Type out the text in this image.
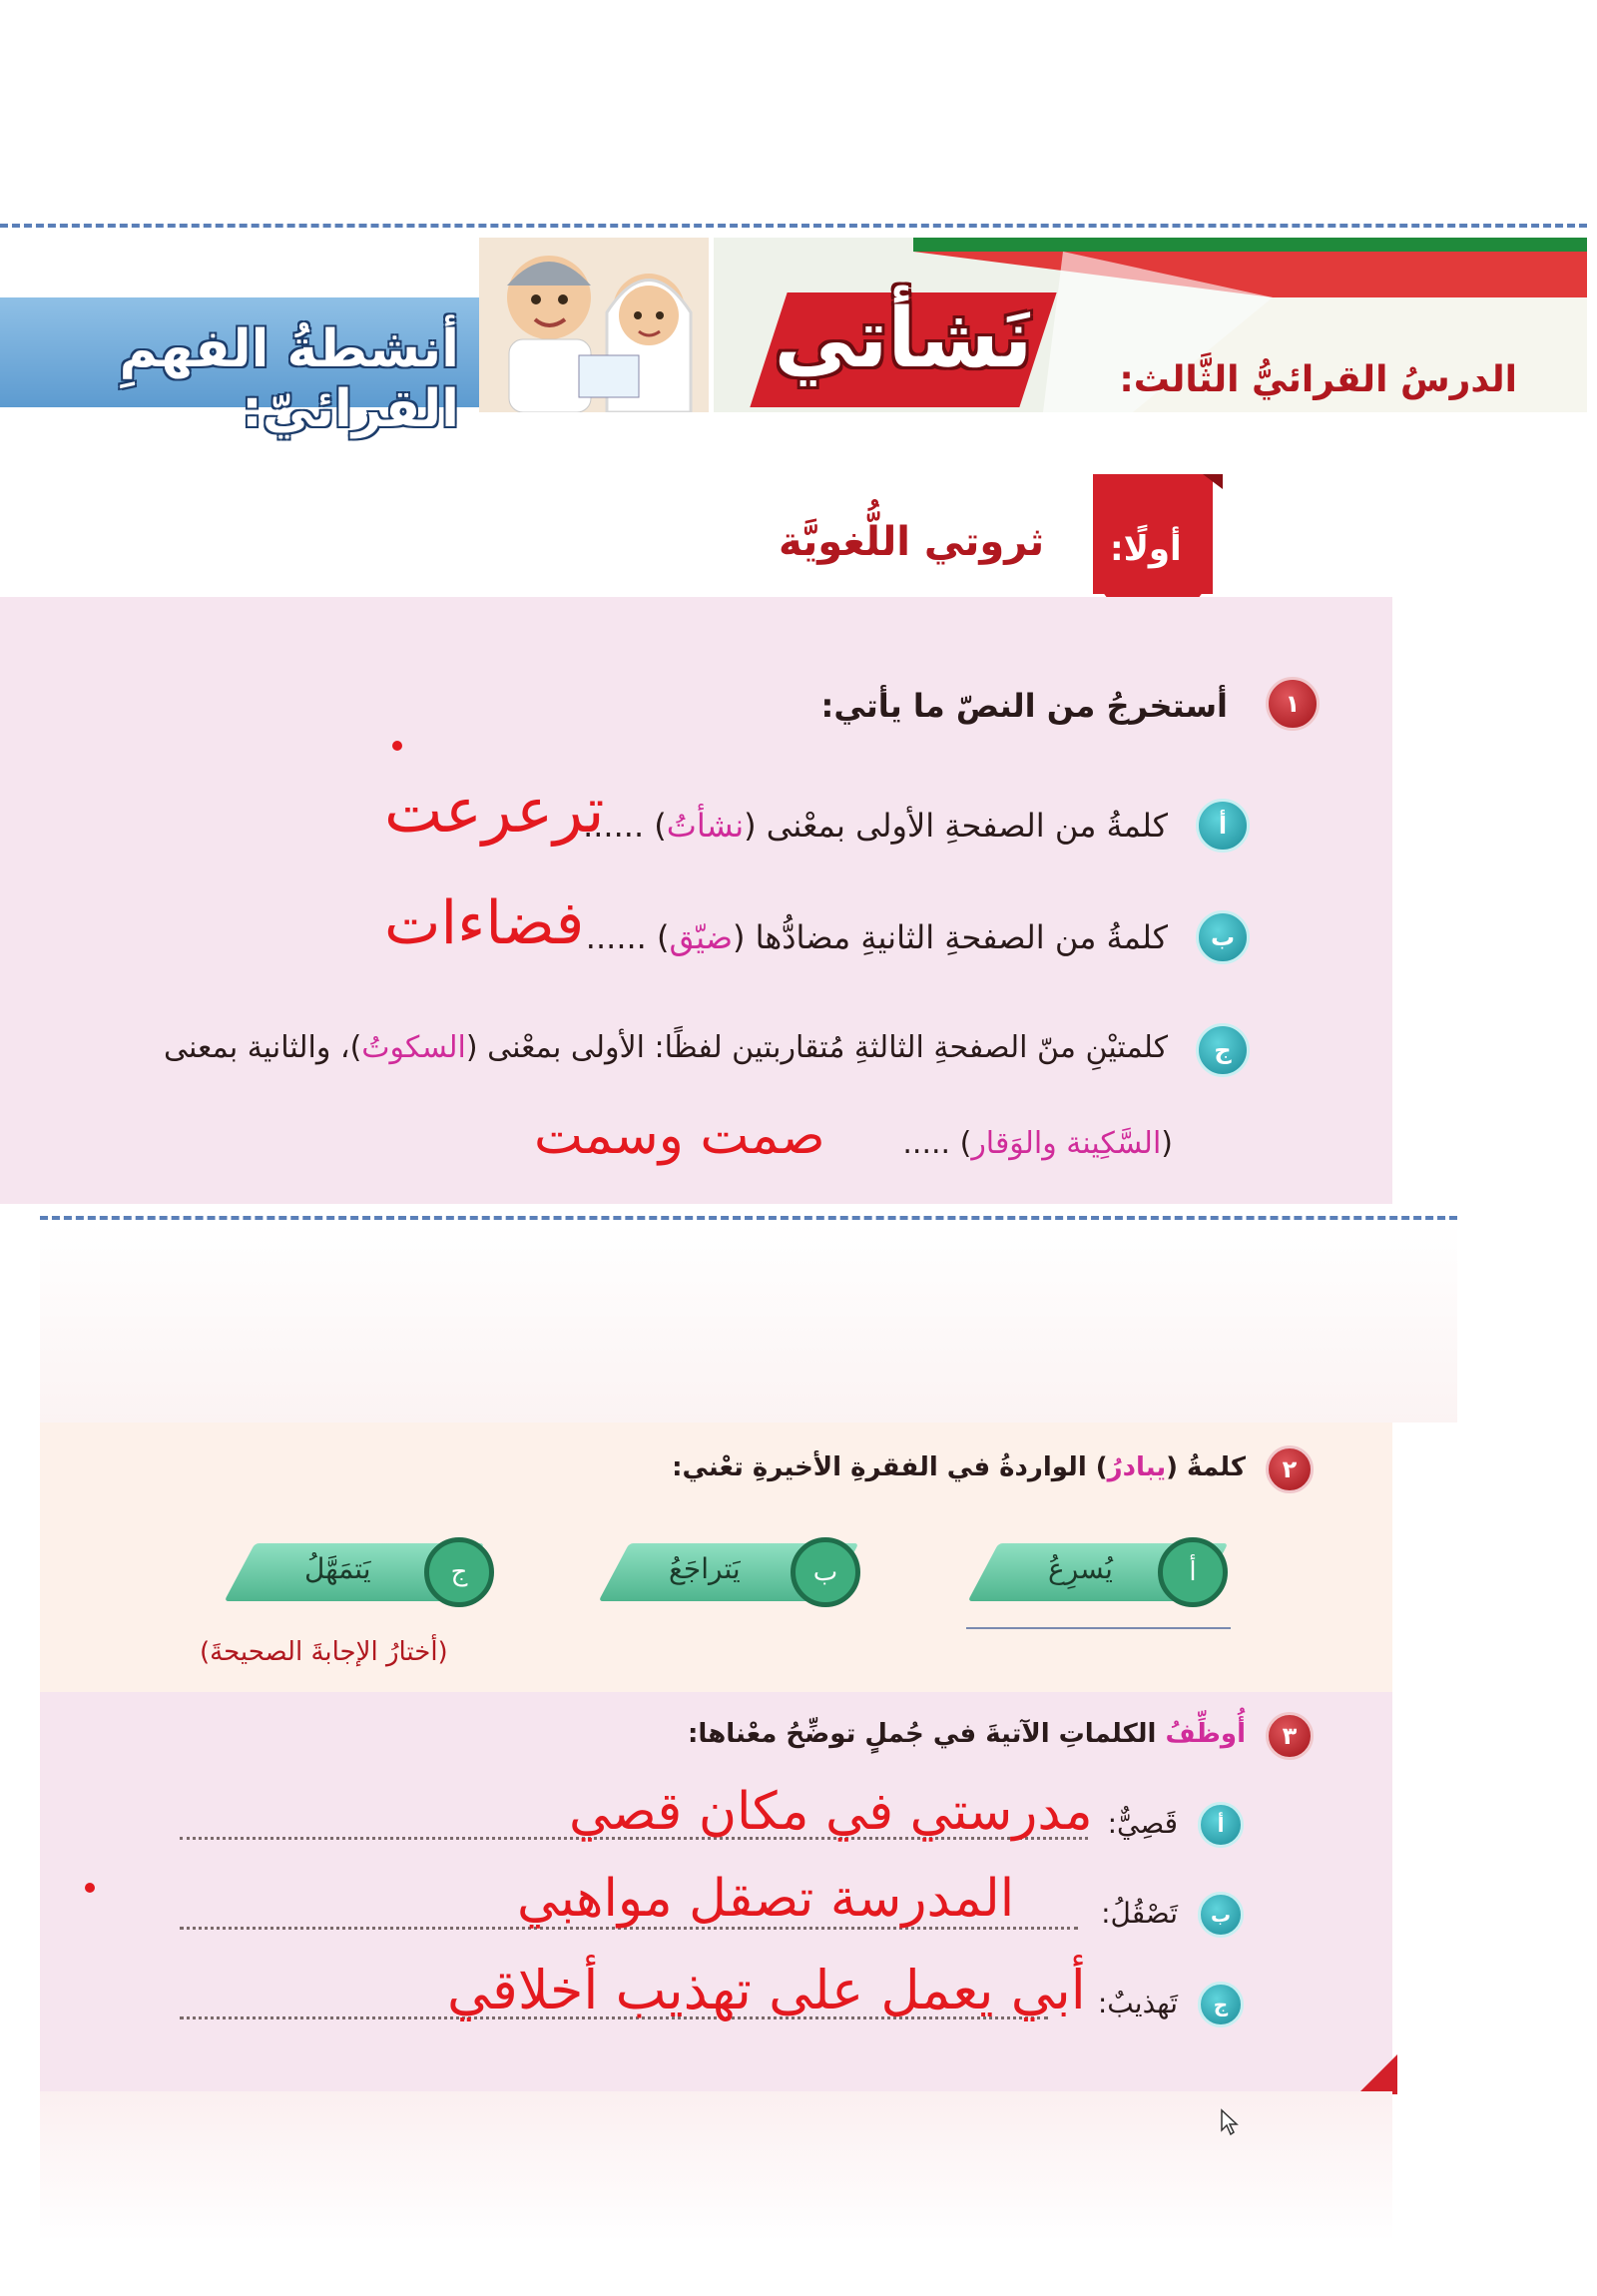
أنشطةُ الفهمِ القرائيّ:
نَشأتي الدرسُ القرائيُّ الثَّالث:
ثروتي اللُّغويَّة أولًا:
١
أستخرجُ من النصّ ما يأتي:
أ
كلمةُ من الصفحةِ الأولى بمعْنى (نشأتُ) ......
ترعرعت
ب
كلمةُ من الصفحةِ الثانيةِ مضادُّها (ضيّق) ......
فضاءات
ج
كلمتيْنِ منّ الصفحةِ الثالثةِ مُتقاربتين لفظًا: الأولى بمعْنى (السكوتُ)، والثانية بمعنى
(السَّكِينة والوَقار) .....
صمت وسمت
٢
كلمةُ (يبادرُ) الواردةُ في الفقرةِ الأخيرةِ تعْني:
يُسرِعُ	أ
يَتراجَعُ	ب
يَتمَهَّلُ	ج
(أختارُ الإجابةَ الصحيحةَ)
٣
أُوظِّفُ الكلماتِ الآتيةَ في جُملٍ توضِّحُ معْناها:
أ
قَصِيٌّ:
مدرستي في مكان قصي
ب
تَصْقُلُ:
المدرسة تصقل مواهبي
ج
تَهذيبٌ:
أبي يعمل على تهذيب أخلاقي
